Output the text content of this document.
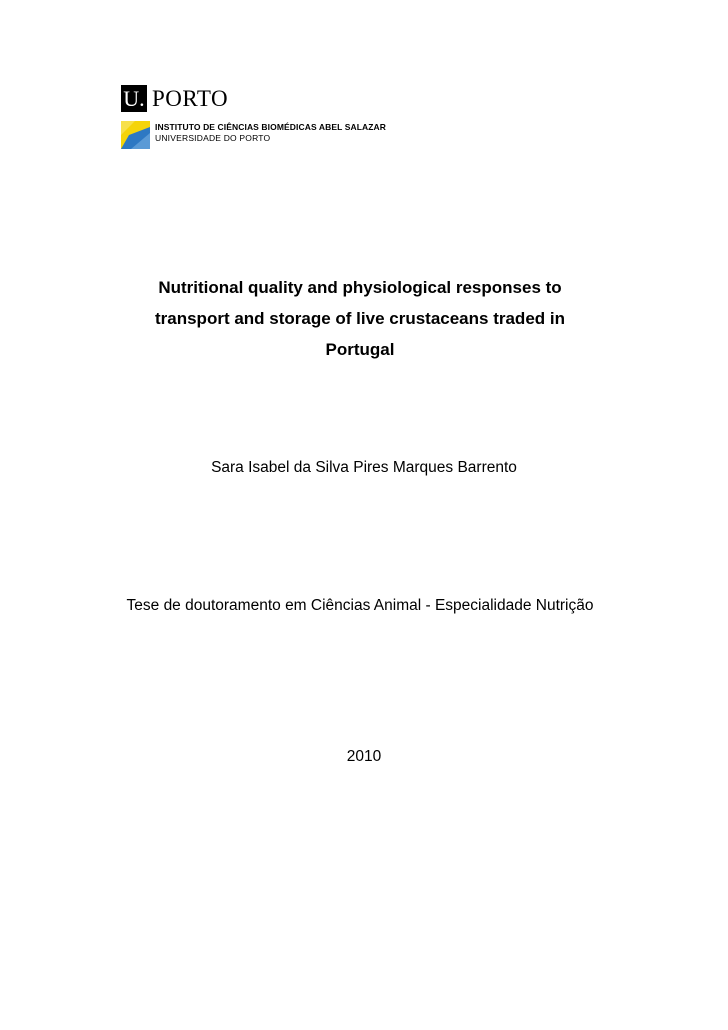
U. PORTO
INSTITUTO DE CIÊNCIAS BIOMÉDICAS ABEL SALAZAR
UNIVERSIDADE DO PORTO
Nutritional quality and physiological responses to
transport and storage of live crustaceans traded in
Portugal
Sara Isabel da Silva Pires Marques Barrento
Tese de doutoramento em Ciências Animal - Especialidade Nutrição
2010
